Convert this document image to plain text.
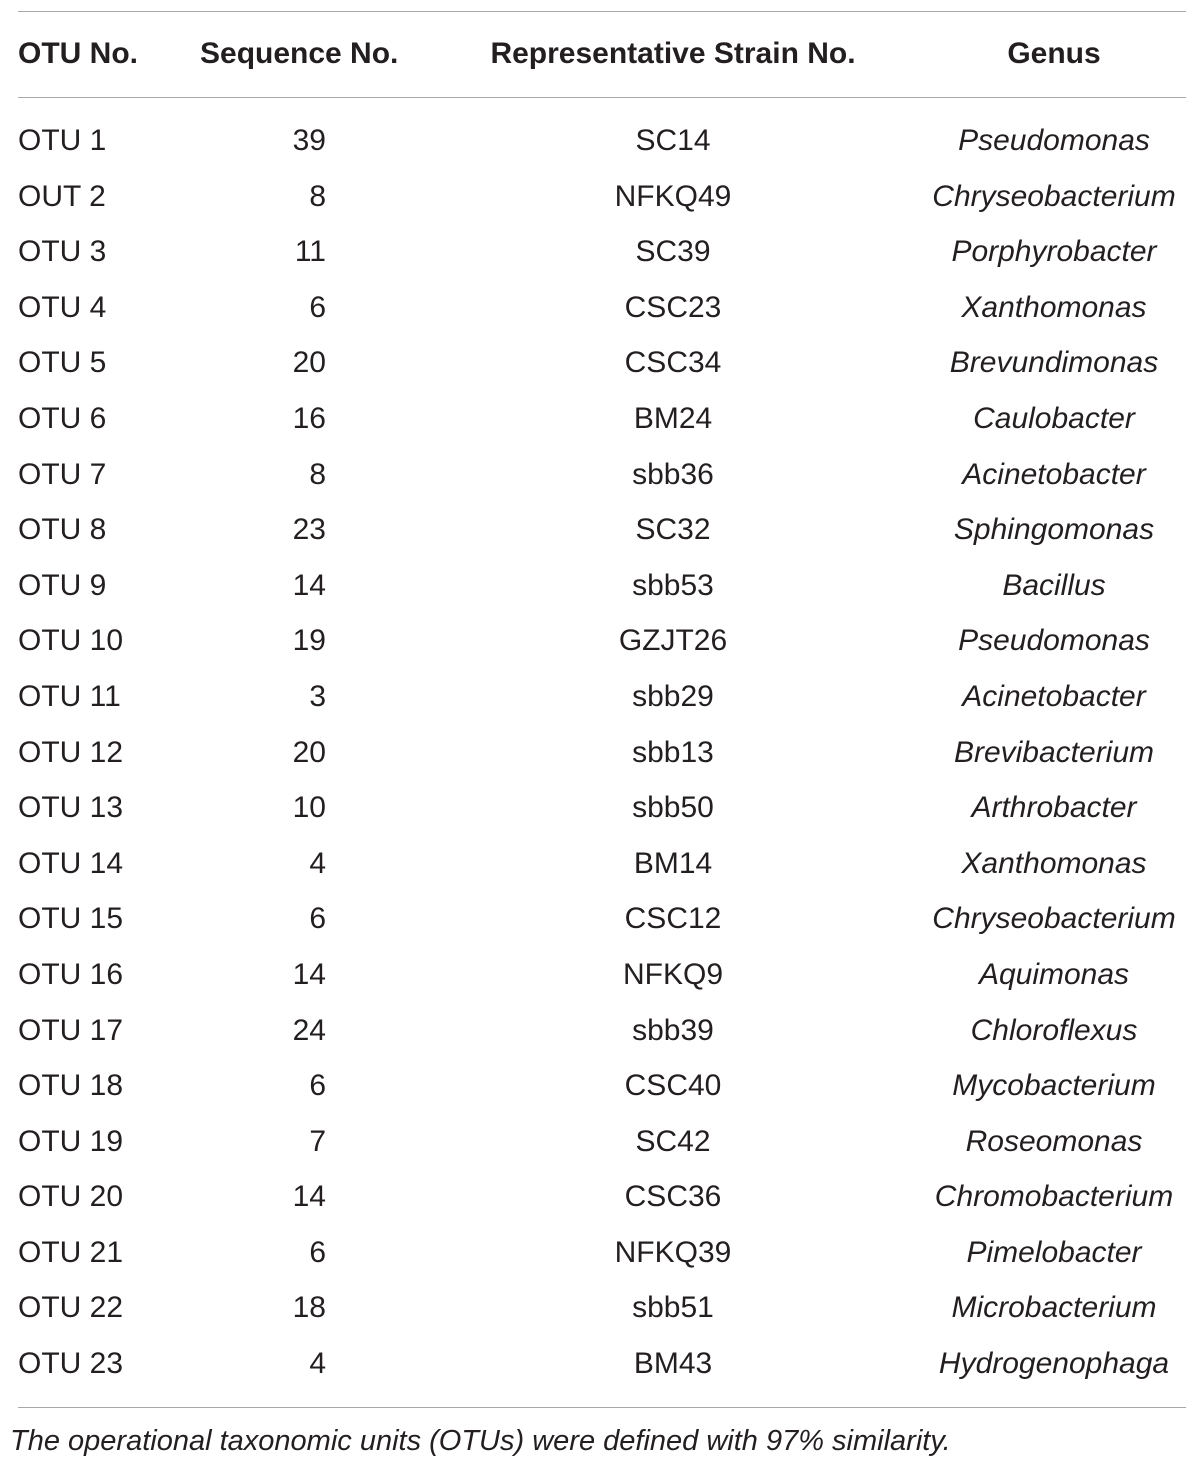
OTU No.	Sequence No.	Representative Strain No.	Genus
OTU 1	39	SC14	Pseudomonas
OUT 2	8	NFKQ49	Chryseobacterium
OTU 3	11	SC39	Porphyrobacter
OTU 4	6	CSC23	Xanthomonas
OTU 5	20	CSC34	Brevundimonas
OTU 6	16	BM24	Caulobacter
OTU 7	8	sbb36	Acinetobacter
OTU 8	23	SC32	Sphingomonas
OTU 9	14	sbb53	Bacillus
OTU 10	19	GZJT26	Pseudomonas
OTU 11	3	sbb29	Acinetobacter
OTU 12	20	sbb13	Brevibacterium
OTU 13	10	sbb50	Arthrobacter
OTU 14	4	BM14	Xanthomonas
OTU 15	6	CSC12	Chryseobacterium
OTU 16	14	NFKQ9	Aquimonas
OTU 17	24	sbb39	Chloroflexus
OTU 18	6	CSC40	Mycobacterium
OTU 19	7	SC42	Roseomonas
OTU 20	14	CSC36	Chromobacterium
OTU 21	6	NFKQ39	Pimelobacter
OTU 22	18	sbb51	Microbacterium
OTU 23	4	BM43	Hydrogenophaga
The operational taxonomic units (OTUs) were defined with 97% similarity.
